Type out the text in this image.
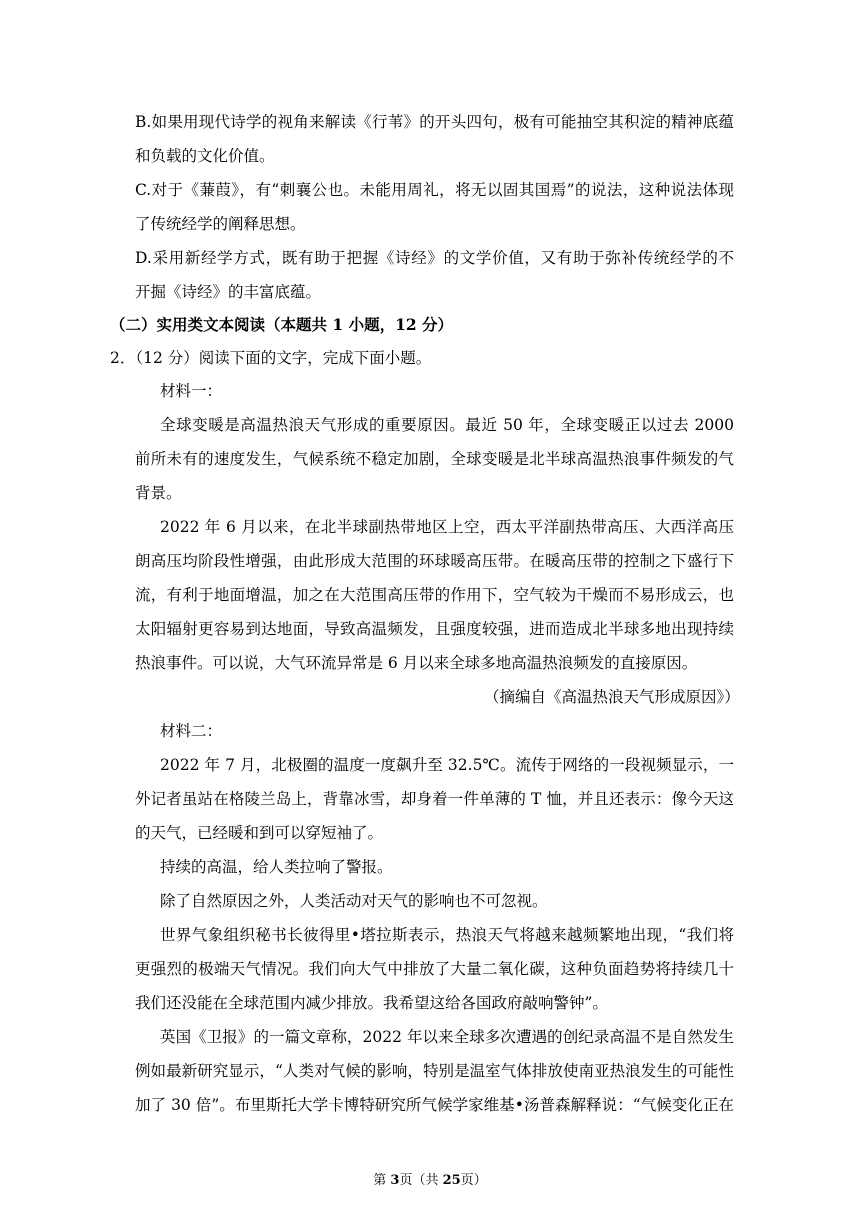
B.如果用现代诗学的视角来解读《行苇》的开头四句，极有可能抽空其积淀的精神底蕴
和负载的文化价值。
C.对于《蒹葭》，有“刺襄公也。未能用周礼，将无以固其国焉”的说法，这种说法体现
了传统经学的阐释思想。
D.采用新经学方式，既有助于把握《诗经》的文学价值，又有助于弥补传统经学的不
开掘《诗经》的丰富底蕴。
（二）实用类文本阅读（本题共 1 小题，12 分）
2．（12 分）阅读下面的文字，完成下面小题。
材料一：
全球变暖是高温热浪天气形成的重要原因。最近 50 年，全球变暖正以过去 2000
前所未有的速度发生，气候系统不稳定加剧，全球变暖是北半球高温热浪事件频发的气
背景。
2022 年 6 月以来，在北半球副热带地区上空，西太平洋副热带高压、大西洋高压
朗高压均阶段性增强，由此形成大范围的环球暖高压带。在暖高压带的控制之下盛行下
流，有利于地面增温，加之在大范围高压带的作用下，空气较为干燥而不易形成云，也
太阳辐射更容易到达地面，导致高温频发，且强度较强，进而造成北半球多地出现持续
热浪事件。可以说，大气环流异常是 6 月以来全球多地高温热浪频发的直接原因。
（摘编自《高温热浪天气形成原因》）
材料二：
2022 年 7 月，北极圈的温度一度飙升至 32.5℃。流传于网络的一段视频显示，一
外记者虽站在格陵兰岛上，背靠冰雪，却身着一件单薄的 T 恤，并且还表示：像今天这
的天气，已经暖和到可以穿短袖了。
持续的高温，给人类拉响了警报。
除了自然原因之外，人类活动对天气的影响也不可忽视。
世界气象组织秘书长彼得里•塔拉斯表示，热浪天气将越来越频繁地出现，“我们将
更强烈的极端天气情况。我们向大气中排放了大量二氧化碳，这种负面趋势将持续几十
我们还没能在全球范围内减少排放。我希望这给各国政府敲响警钟”。
英国《卫报》的一篇文章称，2022 年以来全球多次遭遇的创纪录高温不是自然发生
例如最新研究显示，“人类对气候的影响，特别是温室气体排放使南亚热浪发生的可能性
加了 30 倍”。布里斯托大学卡博特研究所气候学家维基•汤普森解释说：“气候变化正在
第 3页（共 25页）
